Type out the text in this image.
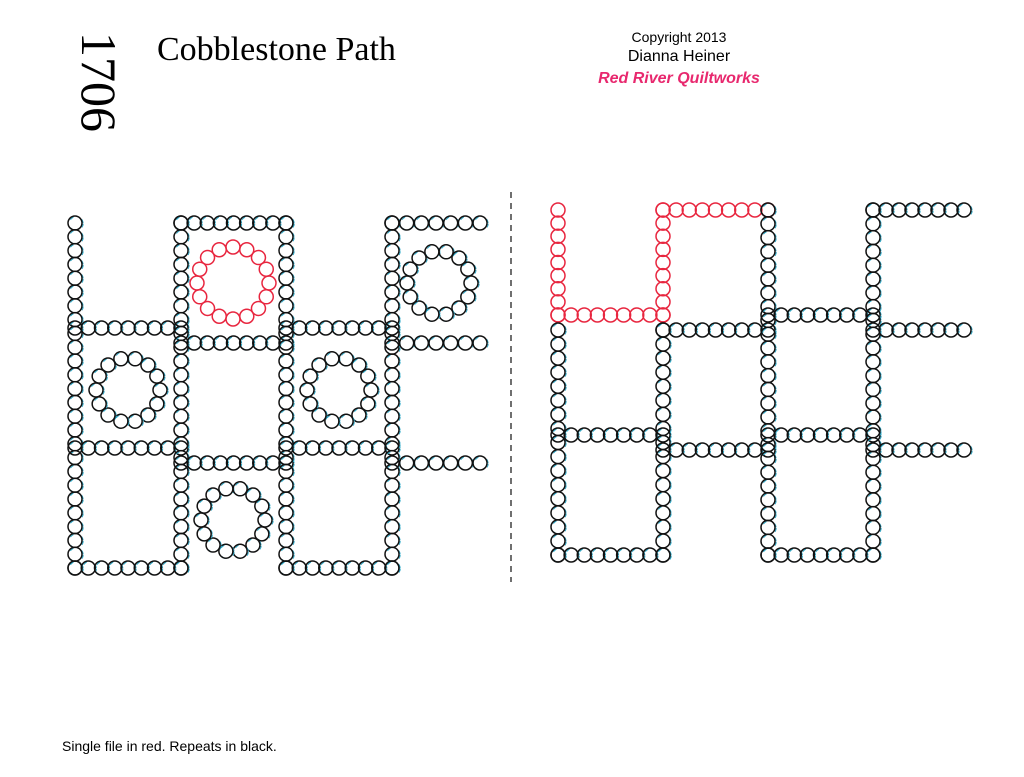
1706 Cobblestone Path	Copyright 2013
Dianna Heiner
Red River Quiltworks
Single file in red. Repeats in black.
